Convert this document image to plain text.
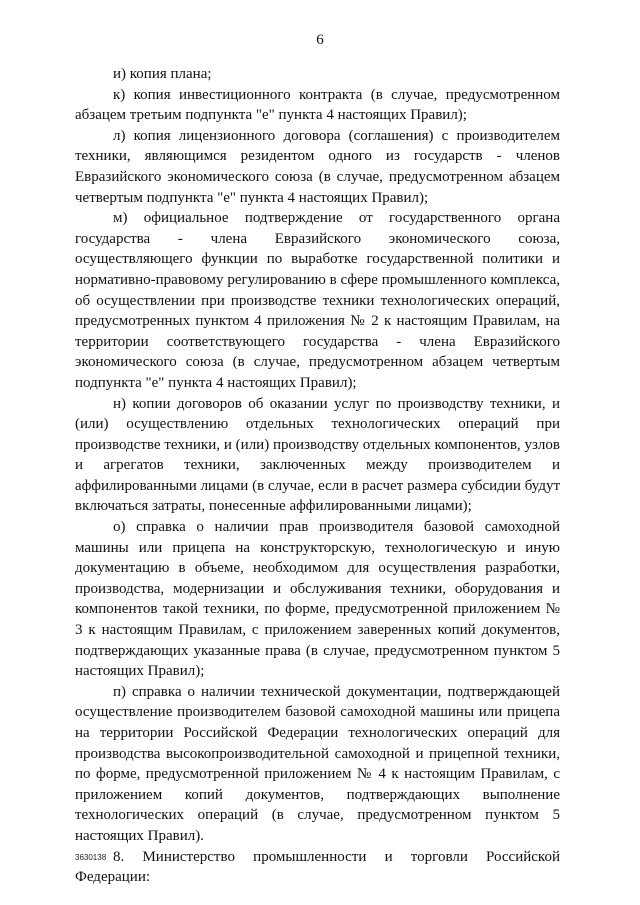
6

и) копия плана;

к) копия инвестиционного контракта (в случае, предусмотренном абзацем третьим подпункта "е" пункта 4 настоящих Правил);

л) копия лицензионного договора (соглашения) с производителем техники, являющимся резидентом одного из государств - членов Евразийского экономического союза (в случае, предусмотренном абзацем четвертым подпункта "е" пункта 4 настоящих Правил);

м) официальное подтверждение от государственного органа государства - члена Евразийского экономического союза, осуществляющего функции по выработке государственной политики и нормативно-правовому регулированию в сфере промышленного комплекса, об осуществлении при производстве техники технологических операций, предусмотренных пунктом 4 приложения № 2 к настоящим Правилам, на территории соответствующего государства - члена Евразийского экономического союза (в случае, предусмотренном абзацем четвертым подпункта "е" пункта 4 настоящих Правил);

н) копии договоров об оказании услуг по производству техники, и (или) осуществлению отдельных технологических операций при производстве техники, и (или) производству отдельных компонентов, узлов и агрегатов техники, заключенных между производителем и аффилированными лицами (в случае, если в расчет размера субсидии будут включаться затраты, понесенные аффилированными лицами);

о) справка о наличии прав производителя базовой самоходной машины или прицепа на конструкторскую, технологическую и иную документацию в объеме, необходимом для осуществления разработки, производства, модернизации и обслуживания техники, оборудования и компонентов такой техники, по форме, предусмотренной приложением № 3 к настоящим Правилам, с приложением заверенных копий документов, подтверждающих указанные права (в случае, предусмотренном пунктом 5 настоящих Правил);

п) справка о наличии технической документации, подтверждающей осуществление производителем базовой самоходной машины или прицепа на территории Российской Федерации технологических операций для производства высокопроизводительной самоходной и прицепной техники, по форме, предусмотренной приложением № 4 к настоящим Правилам, с приложением копий документов, подтверждающих выполнение технологических операций (в случае, предусмотренном пунктом 5 настоящих Правил).

8. Министерство промышленности и торговли Российской Федерации:

3630138
